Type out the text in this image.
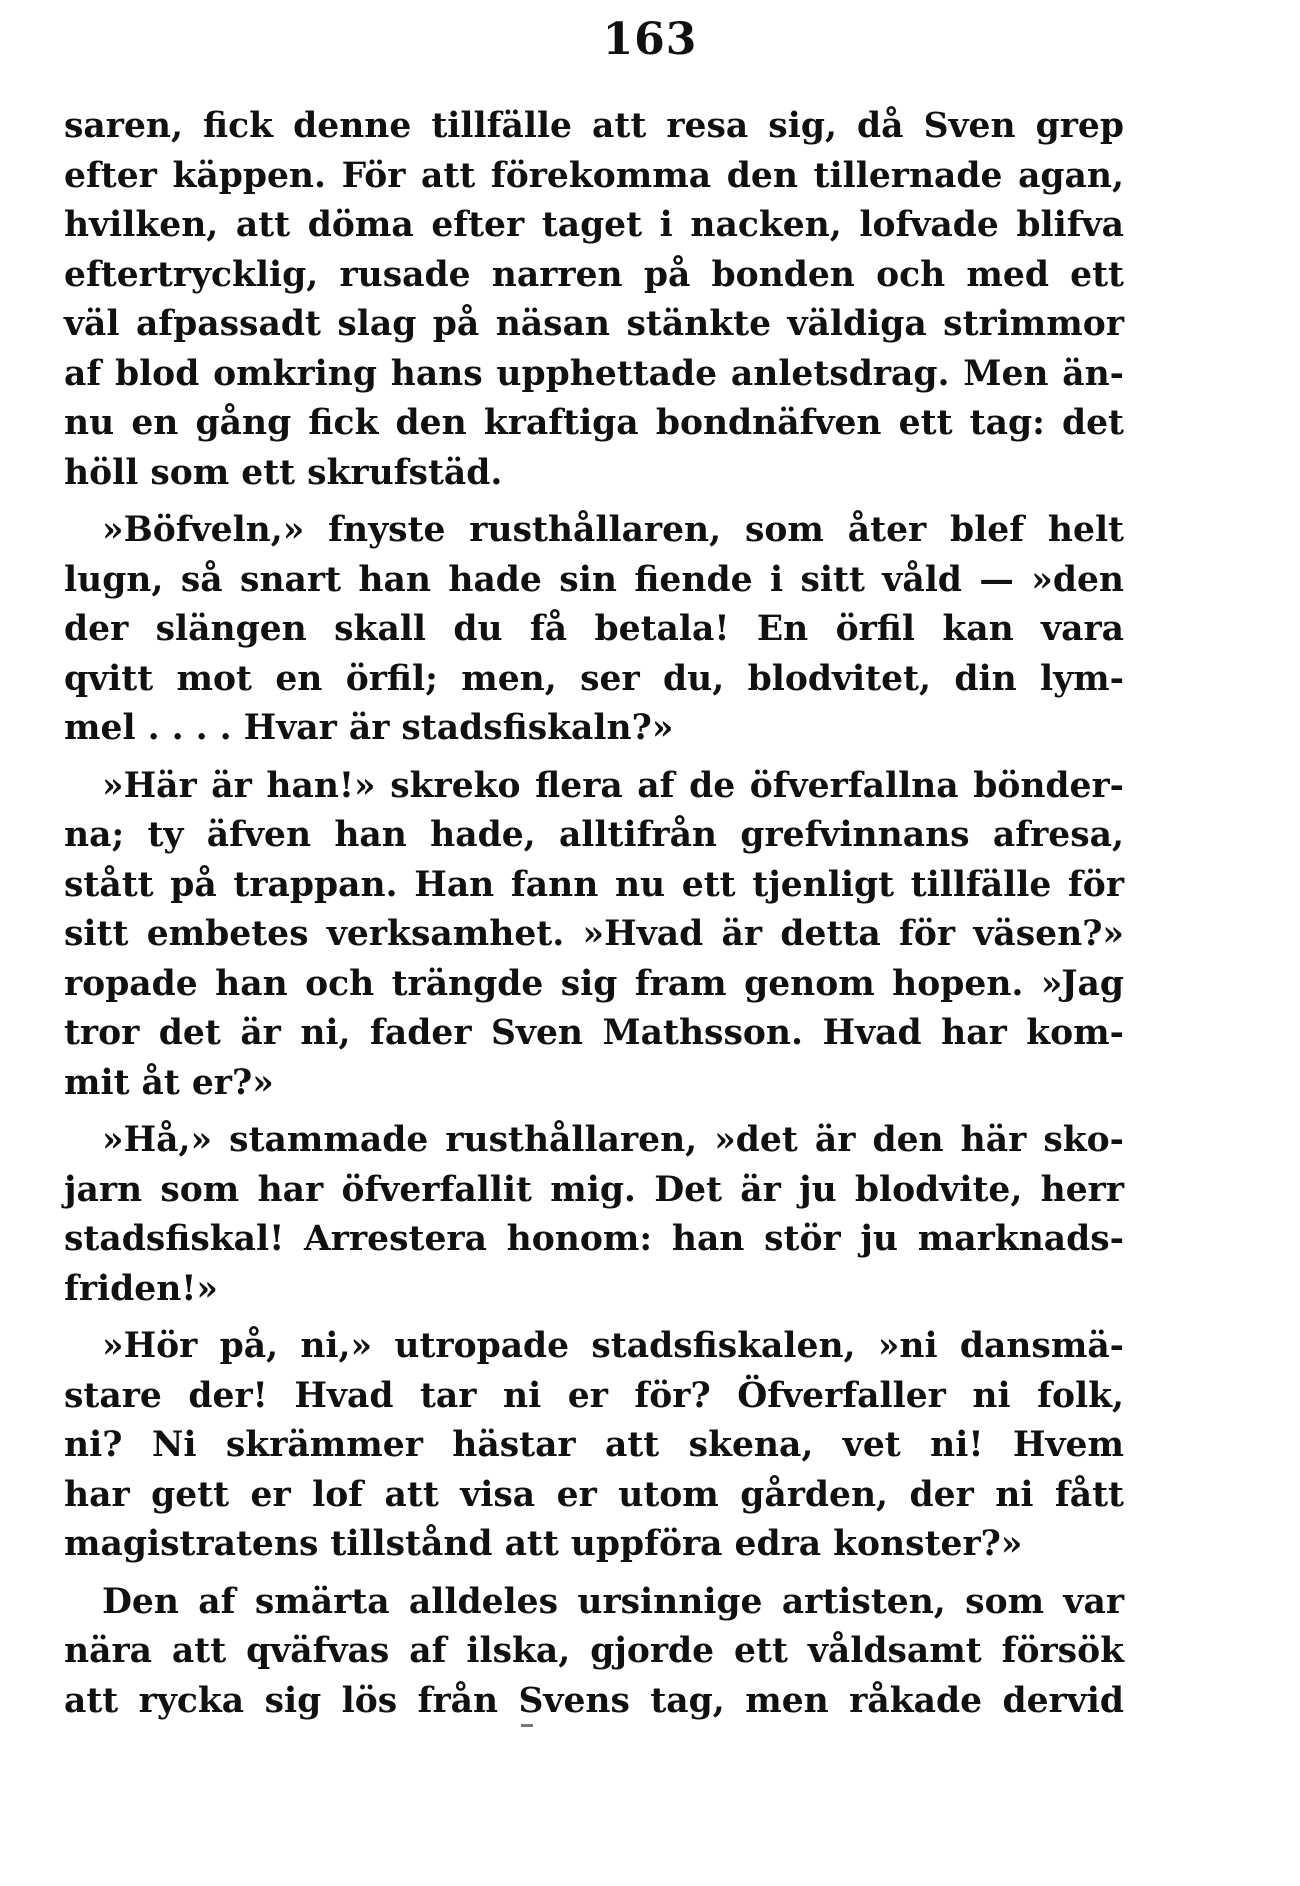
163
saren, fick denne tillfälle att resa sig, då Sven grep
efter käppen. För att förekomma den tillernade agan,
hvilken, att döma efter taget i nacken, lofvade blifva
eftertrycklig, rusade narren på bonden och med ett
väl afpassadt slag på näsan stänkte väldiga strimmor
af blod omkring hans upphettade anletsdrag. Men än-
nu en gång fick den kraftiga bondnäfven ett tag: det
höll som ett skrufstäd.
»Böfveln,» fnyste rusthållaren, som åter blef helt
lugn, så snart han hade sin fiende i sitt våld — »den
der slängen skall du få betala! En örfil kan vara
qvitt mot en örfil; men, ser du, blodvitet, din lym-
mel . . . . Hvar är stadsfiskaln?»
»Här är han!» skreko flera af de öfverfallna bönder-
na; ty äfven han hade, alltifrån grefvinnans afresa,
stått på trappan. Han fann nu ett tjenligt tillfälle för
sitt embetes verksamhet. »Hvad är detta för väsen?»
ropade han och trängde sig fram genom hopen. »Jag
tror det är ni, fader Sven Mathsson. Hvad har kom-
mit åt er?»
»Hå,» stammade rusthållaren, »det är den här sko-
jarn som har öfverfallit mig. Det är ju blodvite, herr
stadsfiskal! Arrestera honom: han stör ju marknads-
friden!»
»Hör på, ni,» utropade stadsfiskalen, »ni dansmä-
stare der! Hvad tar ni er för? Öfverfaller ni folk,
ni? Ni skrämmer hästar att skena, vet ni! Hvem
har gett er lof att visa er utom gården, der ni fått
magistratens tillstånd att uppföra edra konster?»
Den af smärta alldeles ursinnige artisten, som var
nära att qväfvas af ilska, gjorde ett våldsamt försök
att rycka sig lös från Svens tag, men råkade dervid
